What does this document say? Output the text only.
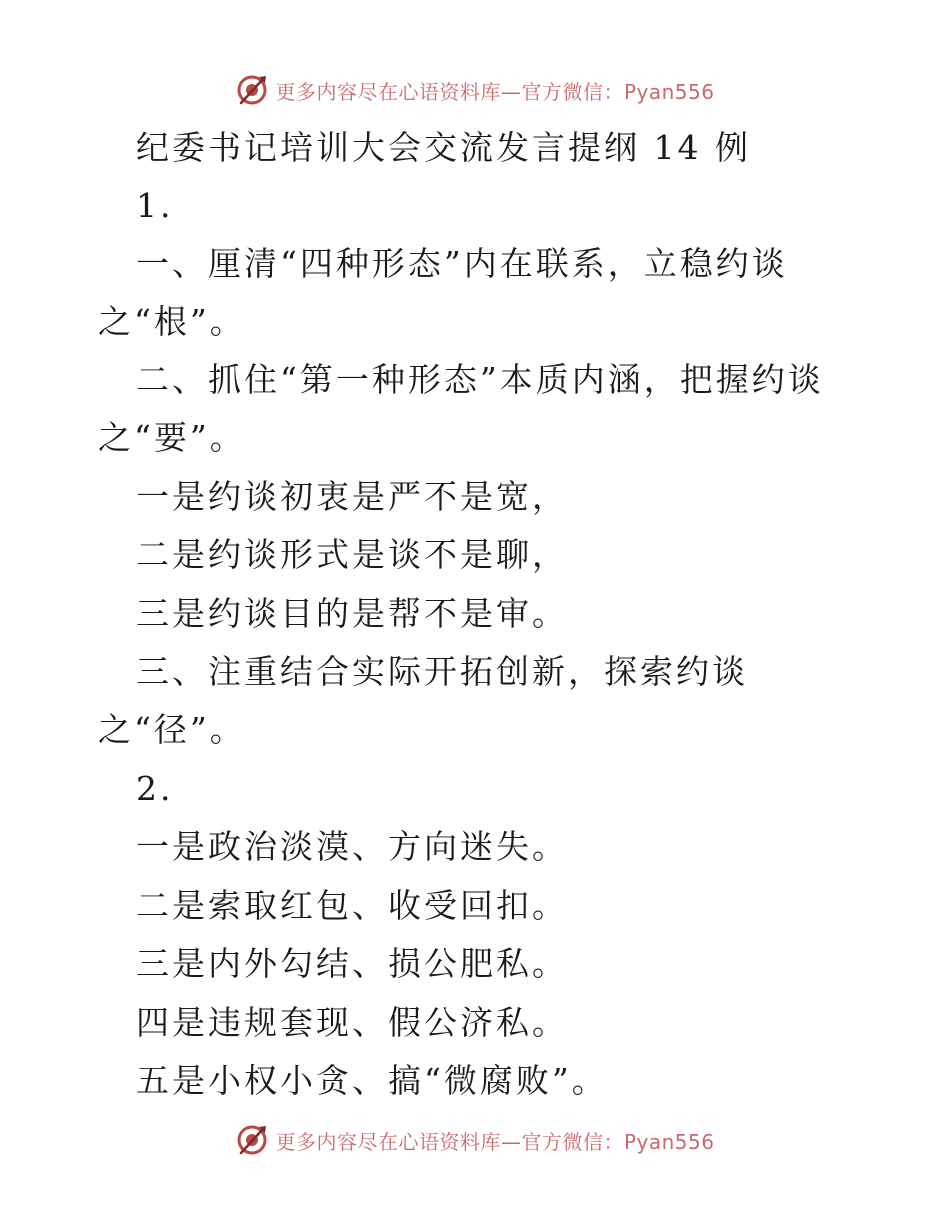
更多内容尽在心语资料库—官方微信：Pyan556
纪委书记培训大会交流发言提纲 14 例
1.
一、厘清“四种形态”内在联系，立稳约谈
之“根”。
二、抓住“第一种形态”本质内涵，把握约谈
之“要”。
一是约谈初衷是严不是宽，
二是约谈形式是谈不是聊，
三是约谈目的是帮不是审。
三、注重结合实际开拓创新，探索约谈
之“径”。
2.
一是政治淡漠、方向迷失。
二是索取红包、收受回扣。
三是内外勾结、损公肥私。
四是违规套现、假公济私。
五是小权小贪、搞“微腐败”。
更多内容尽在心语资料库—官方微信：Pyan556
